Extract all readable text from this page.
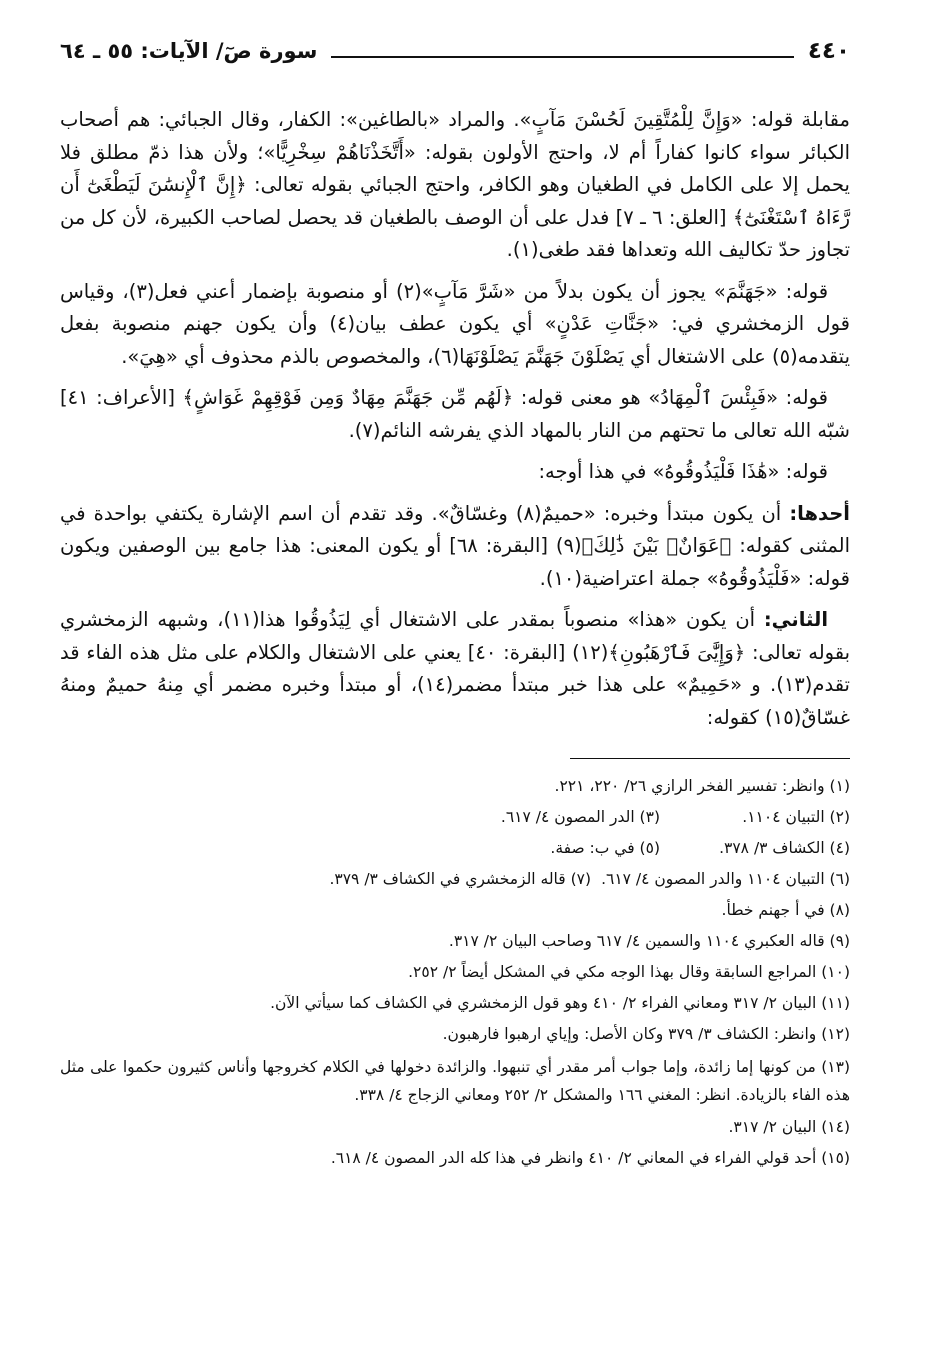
٤٤٠
سورة صٓ/ الآيات: ٥٥ ـ ٦٤

مقابلة قوله: «وَإِنَّ لِلْمُتَّقِينَ لَحُسْنَ مَآبٍ». والمراد «بالطاغين»: الكفار، وقال الجبائي: هم أصحاب الكبائر سواء كانوا كفاراً أم لا، واحتج الأولون بقوله: «أَتَّخَذْنَاهُمْ سِخْرِيًّا»؛ ولأن هذا ذمّ مطلق فلا يحمل إلا على الكامل في الطغيان وهو الكافر، واحتج الجبائي بقوله تعالى: ﴿إِنَّ ٱلْإِنسَٰنَ لَيَطْغَىٰٓ أَن رَّءَاهُ ٱسْتَغْنَىٰٓ﴾ [العلق: ٦ ـ ٧] فدل على أن الوصف بالطغيان قد يحصل لصاحب الكبيرة، لأن كل من تجاوز حدّ تكاليف الله وتعداها فقد طغى(١).

قوله: «جَهَنَّمَ» يجوز أن يكون بدلاً من «شَرَّ مَآبٍ»(٢) أو منصوبة بإضمار أعني فعل(٣)، وقياس قول الزمخشري في: «جَنَّاتِ عَدْنٍ» أي يكون عطف بيان(٤) وأن يكون جهنم منصوبة بفعل يتقدمه(٥) على الاشتغال أي يَصْلَوْنَ جَهَنَّمَ يَصْلَوْنَهَا(٦)، والمخصوص بالذم محذوف أي «هِيَ».

قوله: «فَبِئْسَ ٱلْمِهَادُ» هو معنى قوله: ﴿لَهُم مِّن جَهَنَّمَ مِهَادٌ وَمِن فَوْقِهِمْ غَوَاشٍ﴾ [الأعراف: ٤١] شبّه الله تعالى ما تحتهم من النار بالمهاد الذي يفرشه النائم(٧).

قوله: «هَٰذَا فَلْيَذُوقُوهُ» في هذا أوجه:

أحدها: أن يكون مبتدأ وخبره: «حميمٌ(٨) وغسّاقٌ». وقد تقدم أن اسم الإشارة يكتفي بواحدة في المثنى كقوله: ﴿عَوَانٌۢ بَيْنَ ذَٰلِكَ﴾(٩) [البقرة: ٦٨] أو يكون المعنى: هذا جامع بين الوصفين ويكون قوله: «فَلْيَذُوقُوهُ» جملة اعتراضية(١٠).

الثاني: أن يكون «هذا» منصوباً بمقدر على الاشتغال أي لِيَذُوقُوا هذا(١١)، وشبهه الزمخشري بقوله تعالى: ﴿وَإِيَّٰىَ فَٱرْهَبُونِ﴾(١٢) [البقرة: ٤٠] يعني على الاشتغال والكلام على مثل هذه الفاء قد تقدم(١٣). و «حَمِيمٌ» على هذا خبر مبتدأ مضمر(١٤)، أو مبتدأ وخبره مضمر أي مِنهُ حميمٌ ومنهُ غسّاقٌ(١٥) كقوله:

(١) وانظر: تفسير الفخر الرازي ٢٦/ ٢٢٠، ٢٢١.
(٢) التبيان ١١٠٤.
(٣) الدر المصون ٤/ ٦١٧.
(٤) الكشاف ٣/ ٣٧٨.
(٥) في ب: صفة.
(٦) التبيان ١١٠٤ والدر المصون ٤/ ٦١٧.
(٧) قاله الزمخشري في الكشاف ٣/ ٣٧٩.
(٨) في أ جهنم خطأ.
(٩) قاله العكبري ١١٠٤ والسمين ٤/ ٦١٧ وصاحب البيان ٢/ ٣١٧.
(١٠) المراجع السابقة وقال بهذا الوجه مكي في المشكل أيضاً ٢/ ٢٥٢.
(١١) البيان ٢/ ٣١٧ ومعاني الفراء ٢/ ٤١٠ وهو قول الزمخشري في الكشاف كما سيأتي الآن.
(١٢) وانظر: الكشاف ٣/ ٣٧٩ وكان الأصل: وإياي ارهبوا فارهبون.
(١٣) من كونها إما زائدة، وإما جواب أمر مقدر أي تنبهوا. والزائدة دخولها في الكلام كخروجها وأناس كثيرون حكموا على مثل هذه الفاء بالزيادة. انظر: المغني ١٦٦ والمشكل ٢/ ٢٥٢ ومعاني الزجاج ٤/ ٣٣٨.
(١٤) البيان ٢/ ٣١٧.
(١٥) أحد قولي الفراء في المعاني ٢/ ٤١٠ وانظر في هذا كله الدر المصون ٤/ ٦١٨.
